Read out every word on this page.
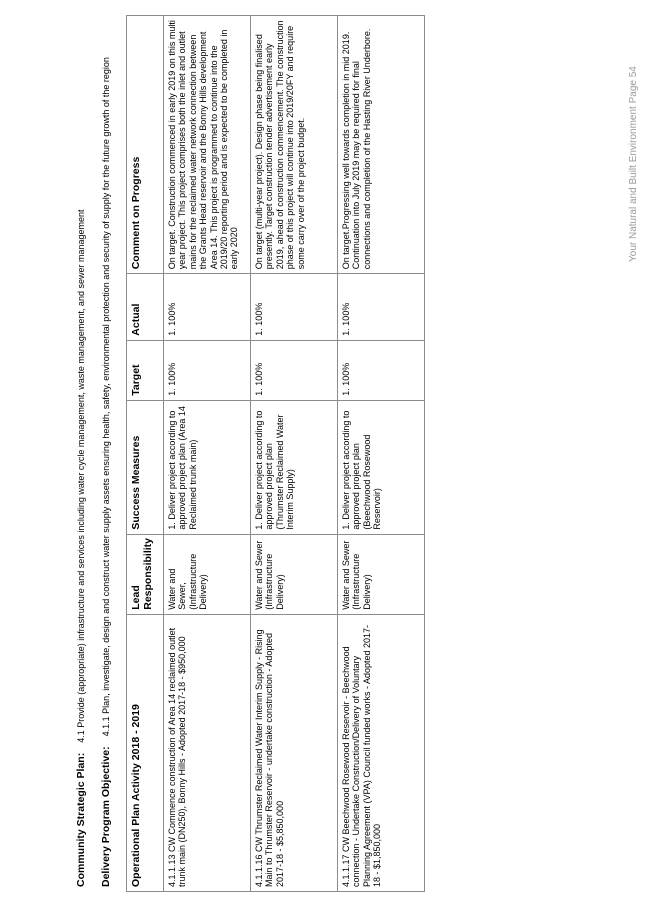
Community Strategic Plan:    4.1 Provide (appropriate) infrastructure and services including water cycle management, waste management, and sewer management
Delivery Program Objective:
4.1.1 Plan, investigate, design and construct water supply assets ensuring health, safety, environmental protection and security of supply for the future growth of the region
Operational Plan Activity 2018 - 2019	Lead Responsibility	Success Measures	Target	Actual	Comment on Progress
4.1.1.13 CW Commence construction of Area 14 reclaimed outlet trunk main (DN250), Bonny Hills - Adopted 2017-18 - $950,000	Water and Sewer, (Infrastructure Delivery)	1. Deliver project according to approved project plan (Area 14 Reclaimed trunk main)	1. 100%	1. 100%	On target. Construction commenced in early 2019 on this multi year project. This project comprises both the inlet and outlet mains for the reclaimed water network connection between the Grants Head reservoir and the Bonny Hills development Area 14. This project is programmed to continue into the 2019/20 reporting period and is expected to be completed in early 2020
4.1.1.16 CW Thrumster Reclaimed Water Interim Supply - Rising Main to Thrumster Reservoir - undertake construction - Adopted 2017-18 - $5,850,000	Water and Sewer (Infrastructure Delivery)	1. Deliver project according to approved project plan (Thrumster Reclaimed Water Interim Supply)	1. 100%	1. 100%	On target (multi-year project). Design phase being finalised presently. Target construction tender advertisement early 2019, ahead of construction commencement. The construction phase of this project will continue into 2019/20FY and require some carry over of the project budget.
4.1.1.17 CW Beechwood Rosewood Reservoir - Beechwood connection - Undertake Construction/Delivery of Voluntary Planning Agreement (VPA) Council funded works - Adopted 2017-18 - $1,850,000	Water and Sewer (Infrastructure Delivery)	1. Deliver project according to approved project plan (Beechwood Rosewood Reservoir)	1. 100%	1. 100%	On target.Progressing well towards completion in mid 2019. Continuation into July 2019 may be required for final connections and completion of the Hasting River Underbore.	Your Natural and Built Environment Page 54
